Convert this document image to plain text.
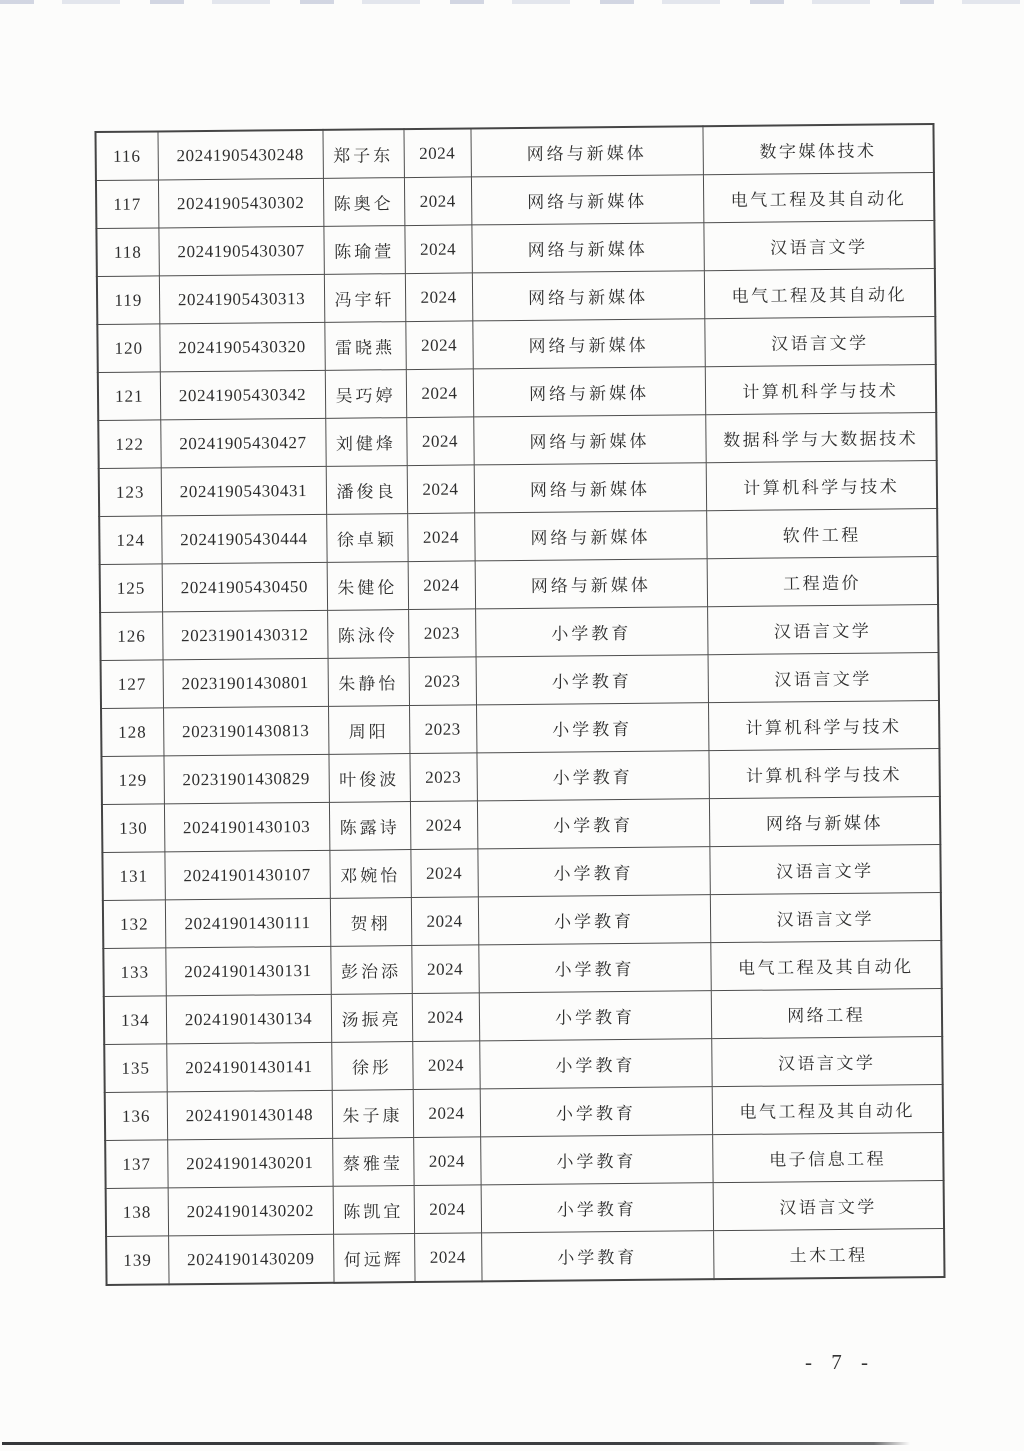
116	20241905430248	郑子东	2024	网络与新媒体	数字媒体技术
117	20241905430302	陈奥仑	2024	网络与新媒体	电气工程及其自动化
118	20241905430307	陈瑜萱	2024	网络与新媒体	汉语言文学
119	20241905430313	冯宇轩	2024	网络与新媒体	电气工程及其自动化
120	20241905430320	雷晓燕	2024	网络与新媒体	汉语言文学
121	20241905430342	吴巧婷	2024	网络与新媒体	计算机科学与技术
122	20241905430427	刘健烽	2024	网络与新媒体	数据科学与大数据技术
123	20241905430431	潘俊良	2024	网络与新媒体	计算机科学与技术
124	20241905430444	徐卓颖	2024	网络与新媒体	软件工程
125	20241905430450	朱健伦	2024	网络与新媒体	工程造价
126	20231901430312	陈泳伶	2023	小学教育	汉语言文学
127	20231901430801	朱静怡	2023	小学教育	汉语言文学
128	20231901430813	周阳	2023	小学教育	计算机科学与技术
129	20231901430829	叶俊波	2023	小学教育	计算机科学与技术
130	20241901430103	陈露诗	2024	小学教育	网络与新媒体
131	20241901430107	邓婉怡	2024	小学教育	汉语言文学
132	20241901430111	贺栩	2024	小学教育	汉语言文学
133	20241901430131	彭治添	2024	小学教育	电气工程及其自动化
134	20241901430134	汤振亮	2024	小学教育	网络工程
135	20241901430141	徐彤	2024	小学教育	汉语言文学
136	20241901430148	朱子康	2024	小学教育	电气工程及其自动化
137	20241901430201	蔡雅莹	2024	小学教育	电子信息工程
138	20241901430202	陈凯宜	2024	小学教育	汉语言文学
139	20241901430209	何远辉	2024	小学教育	土木工程
- 7 -
